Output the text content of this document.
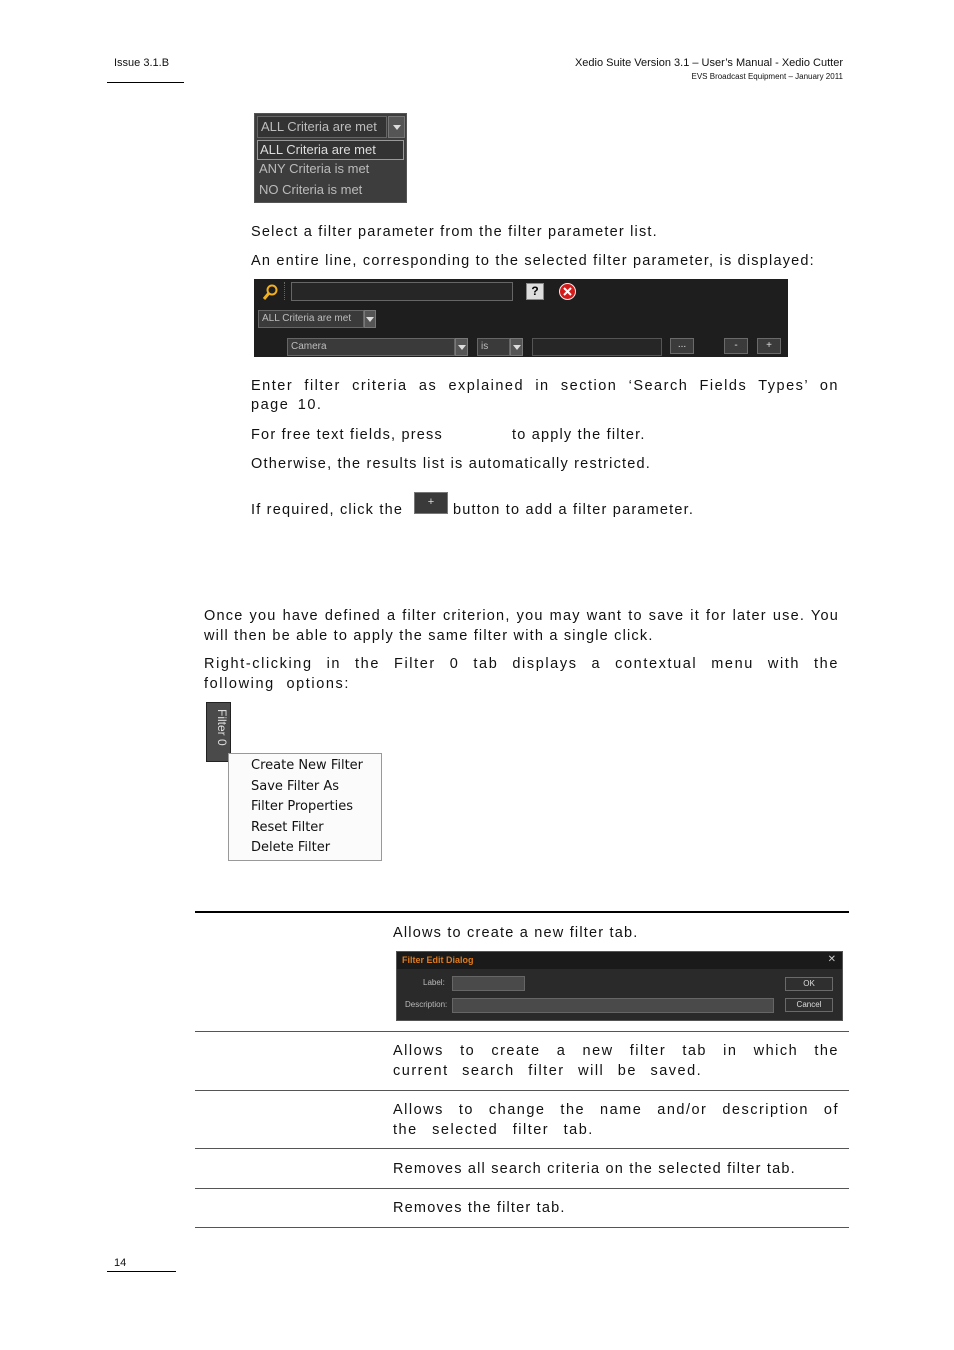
Issue 3.1.B	Xedio Suite Version 3.1 – User’s Manual - Xedio Cutter
EVS Broadcast Equipment – January 2011
ALL Criteria are met
ALL Criteria are met
ANY Criteria is met
NO Criteria is met
Select a filter parameter from the filter parameter list.
An entire line, corresponding to the selected filter parameter, is displayed:
?
ALL Criteria are met
Camera	is	...	-	+
Enter filter criteria as explained in section ‘Search Fields Types’ on page 10.
For free text fields, press	to apply the filter.
Otherwise, the results list is automatically restricted.
If required, click the	+	button to add a filter parameter.
Once you have defined a filter criterion, you may want to save it for later use. You will then be able to apply the same filter with a single click.
Right-clicking in the Filter 0 tab displays a contextual menu with the following options:
Filter 0
Create New Filter
Save Filter As
Filter Properties
Reset Filter
Delete Filter
Allows to create a new filter tab.
Filter Edit Dialog	✕
Label:
Description:
OK
Cancel
Allows to create a new filter tab in which the current search filter will be saved.
Allows to change the name and/or description of the selected filter tab.
Removes all search criteria on the selected filter tab.
Removes the filter tab.
14
